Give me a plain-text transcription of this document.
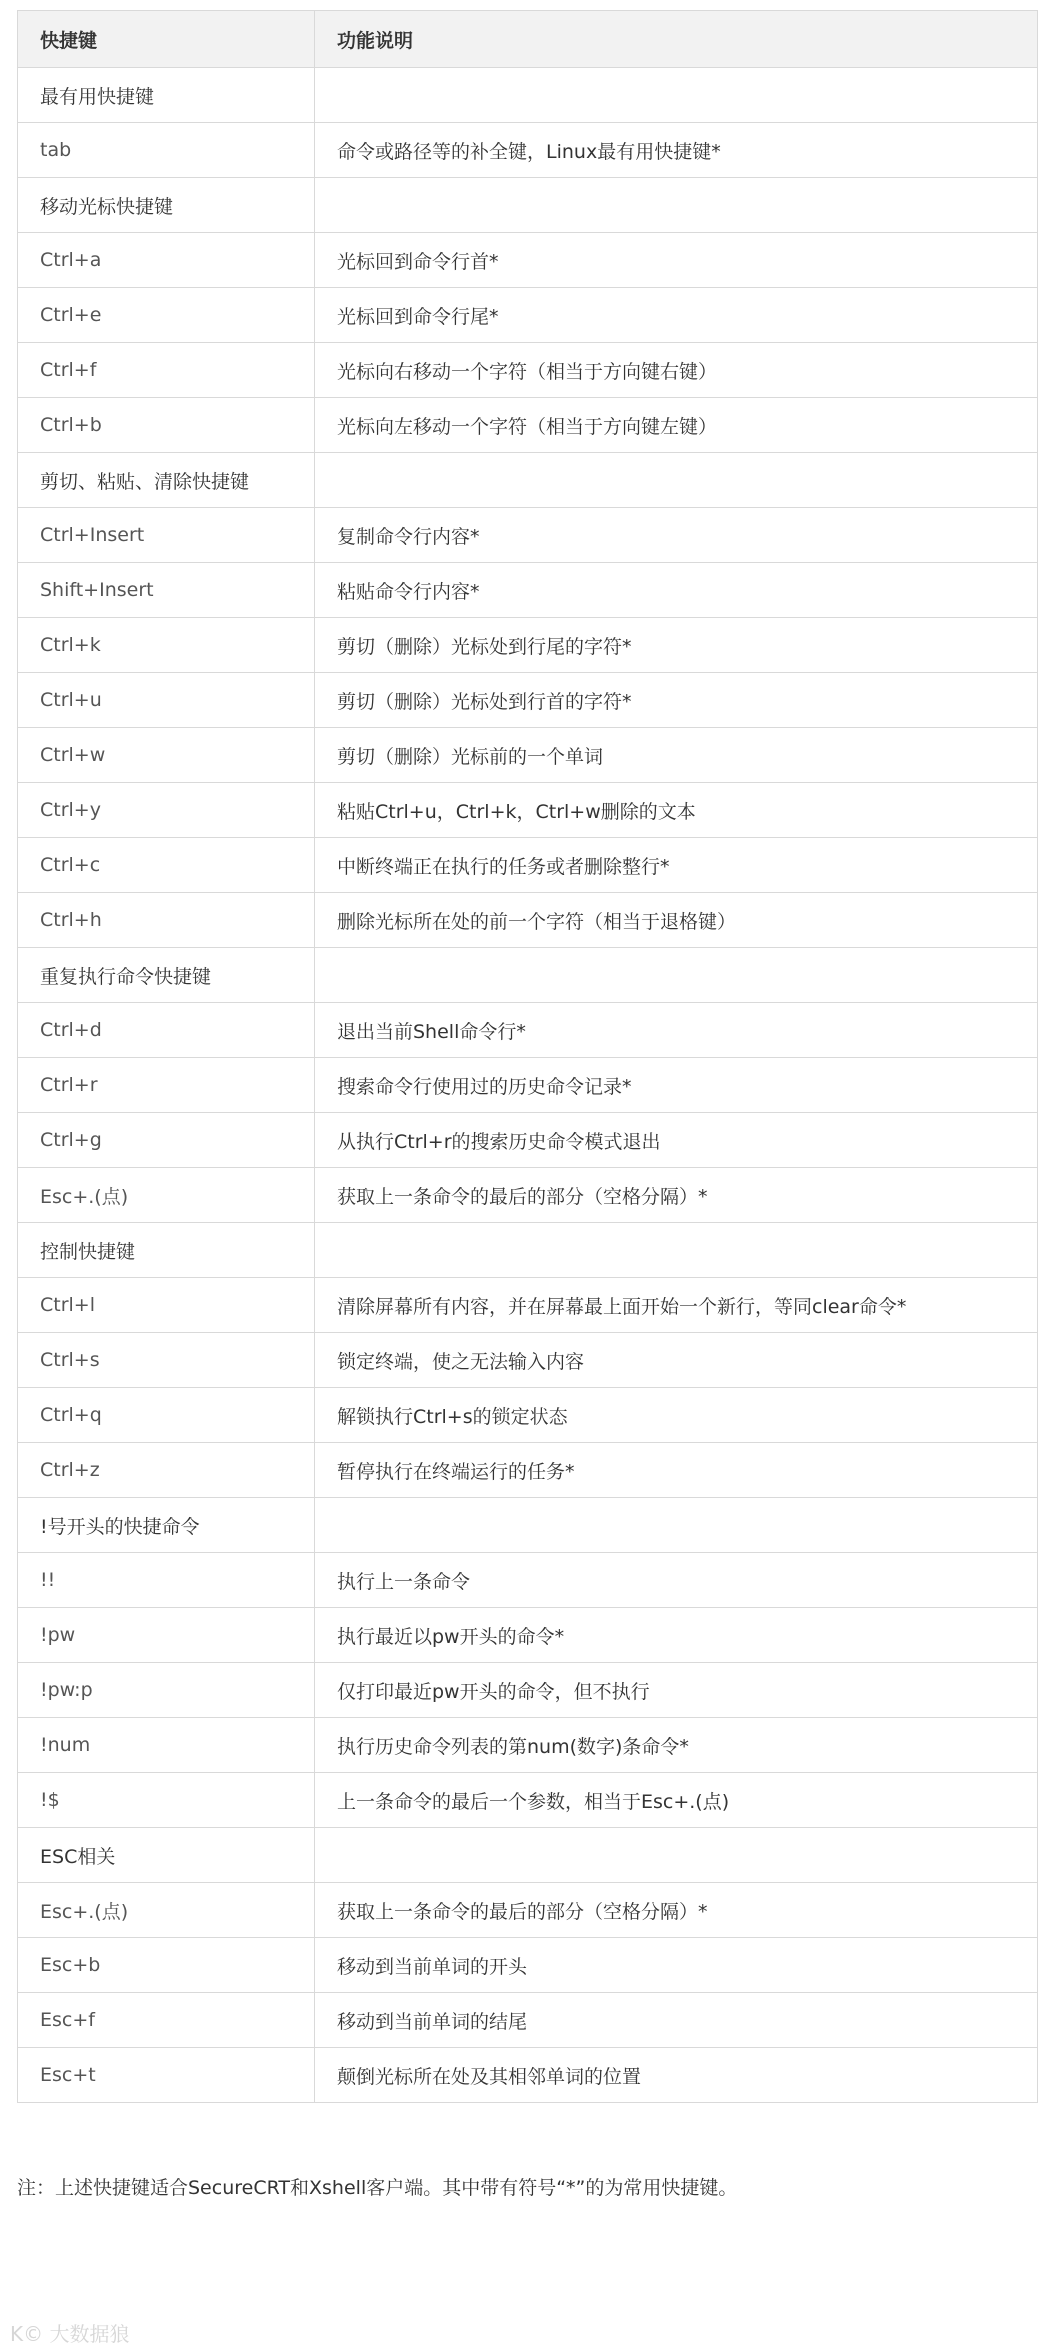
快捷键	功能说明
最有用快捷键	
tab	命令或路径等的补全键，Linux最有用快捷键*
移动光标快捷键	
Ctrl+a	光标回到命令行首*
Ctrl+e	光标回到命令行尾*
Ctrl+f	光标向右移动一个字符（相当于方向键右键）
Ctrl+b	光标向左移动一个字符（相当于方向键左键）
剪切、粘贴、清除快捷键	
Ctrl+Insert	复制命令行内容*
Shift+Insert	粘贴命令行内容*
Ctrl+k	剪切（删除）光标处到行尾的字符*
Ctrl+u	剪切（删除）光标处到行首的字符*
Ctrl+w	剪切（删除）光标前的一个单词
Ctrl+y	粘贴Ctrl+u，Ctrl+k，Ctrl+w删除的文本
Ctrl+c	中断终端正在执行的任务或者删除整行*
Ctrl+h	删除光标所在处的前一个字符（相当于退格键）
重复执行命令快捷键	
Ctrl+d	退出当前Shell命令行*
Ctrl+r	搜索命令行使用过的历史命令记录*
Ctrl+g	从执行Ctrl+r的搜索历史命令模式退出
Esc+.(点)	获取上一条命令的最后的部分（空格分隔）*
控制快捷键	
Ctrl+l	清除屏幕所有内容，并在屏幕最上面开始一个新行，等同clear命令*
Ctrl+s	锁定终端，使之无法输入内容
Ctrl+q	解锁执行Ctrl+s的锁定状态
Ctrl+z	暂停执行在终端运行的任务*
!号开头的快捷命令	
!!	执行上一条命令
!pw	执行最近以pw开头的命令*
!pw:p	仅打印最近pw开头的命令，但不执行
!num	执行历史命令列表的第num(数字)条命令*
!$	上一条命令的最后一个参数，相当于Esc+.(点)
ESC相关	
Esc+.(点)	获取上一条命令的最后的部分（空格分隔）*
Esc+b	移动到当前单词的开头
Esc+f	移动到当前单词的结尾
Esc+t	颠倒光标所在处及其相邻单词的位置
注：上述快捷键适合SecureCRT和Xshell客户端。其中带有符号“*”的为常用快捷键。
K© 大数据狼
